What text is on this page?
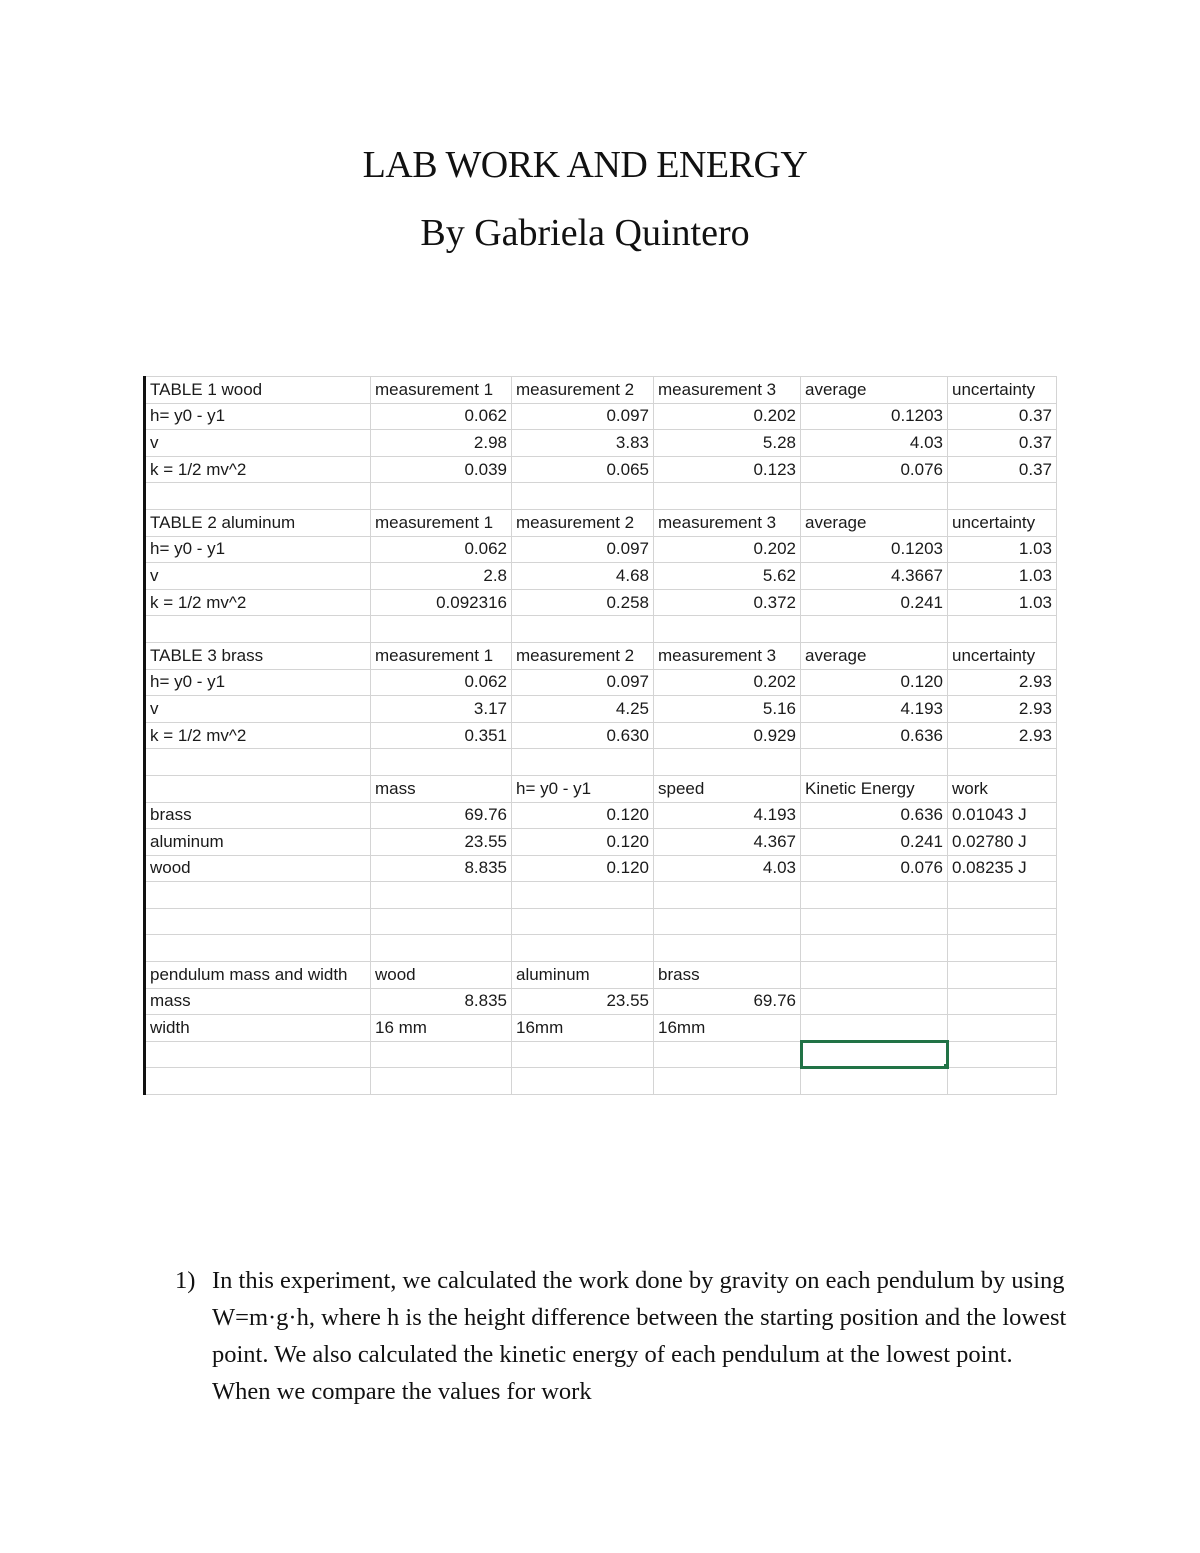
LAB WORK AND ENERGY
By Gabriela Quintero
TABLE 1 wood	measurement 1	measurement 2	measurement 3	average	uncertainty
h= y0 - y1	0.062	0.097	0.202	0.1203	0.37
v	2.98	3.83	5.28	4.03	0.37
k = 1/2 mv^2	0.039	0.065	0.123	0.076	0.37

TABLE 2 aluminum	measurement 1	measurement 2	measurement 3	average	uncertainty
h= y0 - y1	0.062	0.097	0.202	0.1203	1.03
v	2.8	4.68	5.62	4.3667	1.03
k = 1/2 mv^2	0.092316	0.258	0.372	0.241	1.03

TABLE 3 brass	measurement 1	measurement 2	measurement 3	average	uncertainty
h= y0 - y1	0.062	0.097	0.202	0.120	2.93
v	3.17	4.25	5.16	4.193	2.93
k = 1/2 mv^2	0.351	0.630	0.929	0.636	2.93

	mass	h= y0 - y1	speed	Kinetic Energy	work
brass	69.76	0.120	4.193	0.636	0.01043 J
aluminum	23.55	0.120	4.367	0.241	0.02780 J
wood	8.835	0.120	4.03	0.076	0.08235 J

pendulum mass and width	wood	aluminum	brass		
mass	8.835	23.55	69.76		
width	16 mm	16mm	16mm		

1) In this experiment, we calculated the work done by gravity on each pendulum by using W=m·g·h, where h is the height difference between the starting position and the lowest point. We also calculated the kinetic energy of each pendulum at the lowest point. When we compare the values for work
